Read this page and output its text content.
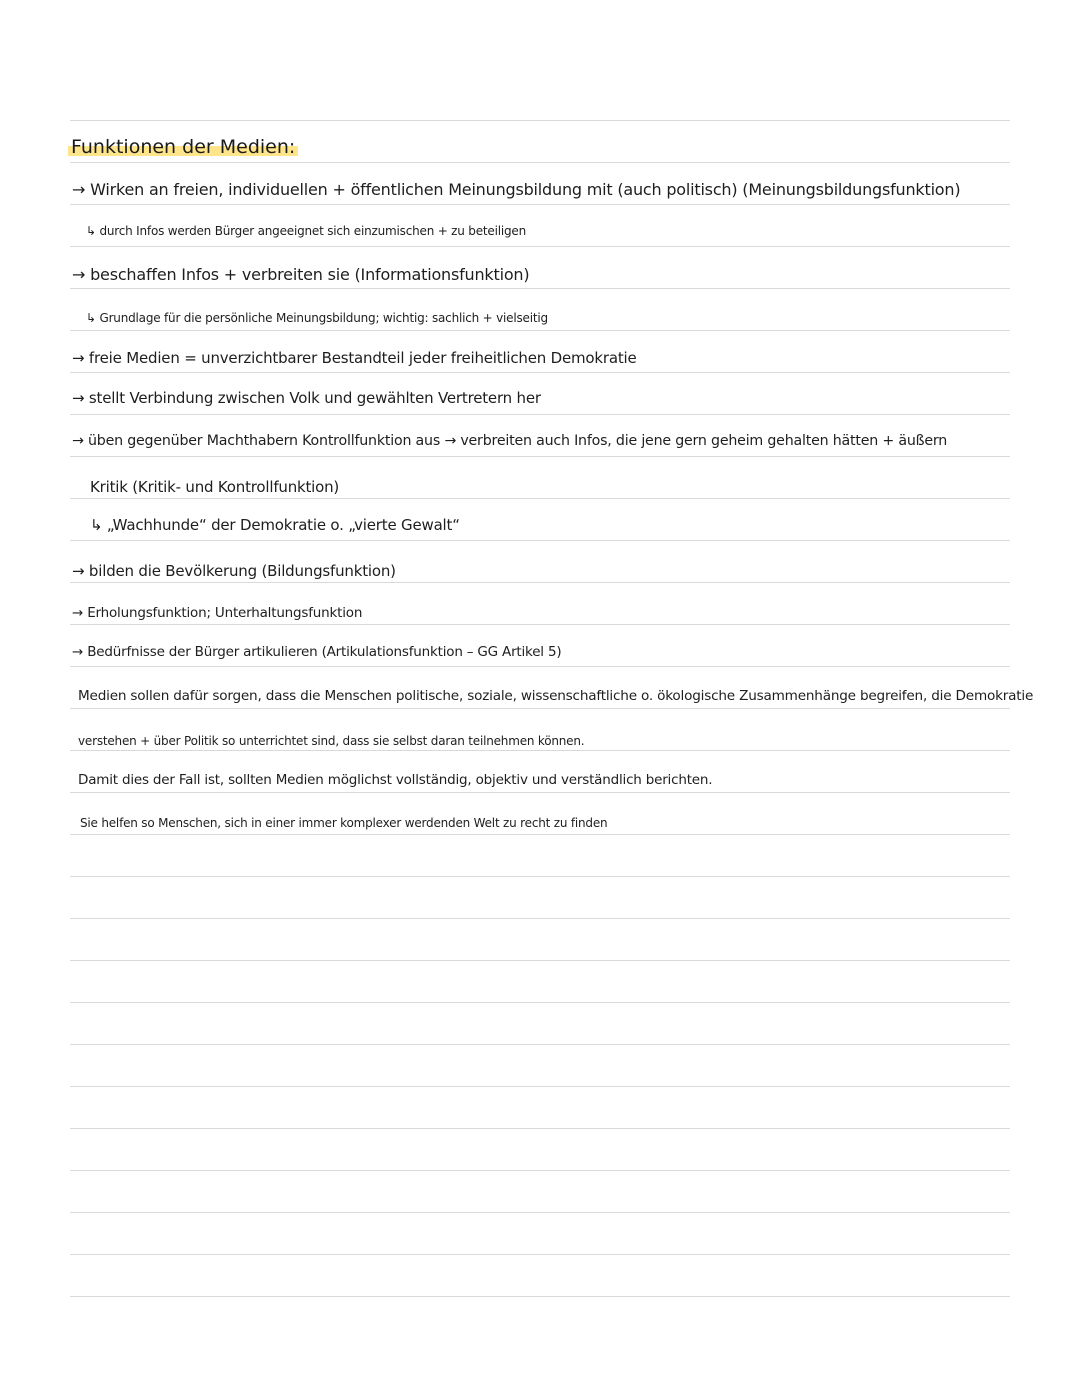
Funktionen der Medien:
→ Wirken an freien, individuellen + öffentlichen Meinungsbildung mit (auch politisch) (Meinungsbildungsfunktion)
↳ durch Infos werden Bürger angeeignet sich einzumischen + zu beteiligen
→ beschaffen Infos + verbreiten sie (Informationsfunktion)
↳ Grundlage für die persönliche Meinungsbildung; wichtig: sachlich + vielseitig
→ freie Medien = unverzichtbarer Bestandteil jeder freiheitlichen Demokratie
→ stellt Verbindung zwischen Volk und gewählten Vertretern her
→ üben gegenüber Machthabern Kontrollfunktion aus → verbreiten auch Infos, die jene gern geheim gehalten hätten + äußern
Kritik (Kritik- und Kontrollfunktion)
↳ „Wachhunde“ der Demokratie o. „vierte Gewalt“
→ bilden die Bevölkerung (Bildungsfunktion)
→ Erholungsfunktion; Unterhaltungsfunktion
→ Bedürfnisse der Bürger artikulieren (Artikulationsfunktion – GG Artikel 5)
Medien sollen dafür sorgen, dass die Menschen politische, soziale, wissenschaftliche o. ökologische Zusammenhänge begreifen, die Demokratie
verstehen + über Politik so unterrichtet sind, dass sie selbst daran teilnehmen können.
Damit dies der Fall ist, sollten Medien möglichst vollständig, objektiv und verständlich berichten.
Sie helfen so Menschen, sich in einer immer komplexer werdenden Welt zu recht zu finden
